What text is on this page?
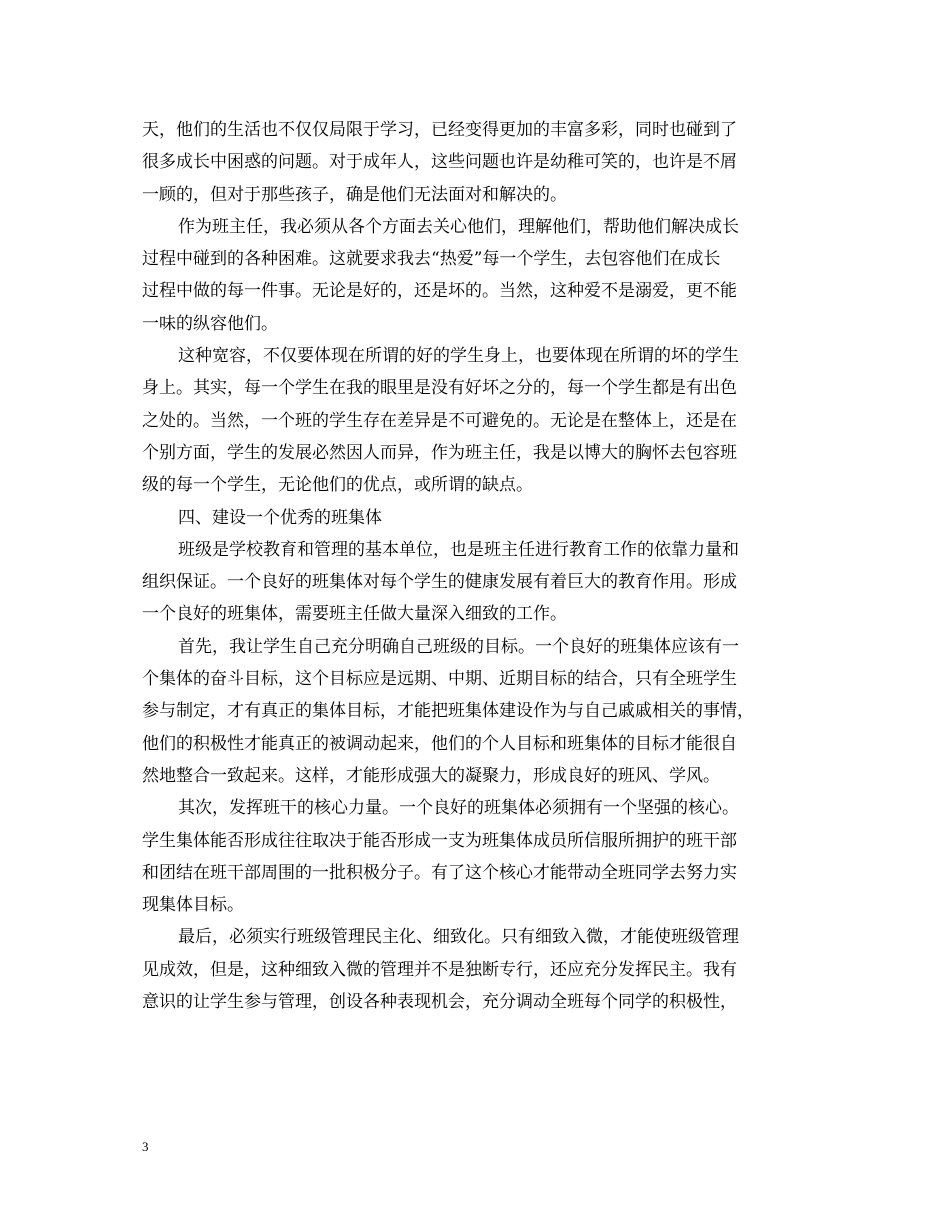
天，他们的生活也不仅仅局限于学习，已经变得更加的丰富多彩，同时也碰到了
很多成长中困惑的问题。对于成年人，这些问题也许是幼稚可笑的，也许是不屑
一顾的，但对于那些孩子，确是他们无法面对和解决的。
作为班主任，我必须从各个方面去关心他们，理解他们，帮助他们解决成长
过程中碰到的各种困难。这就要求我去“热爱”每一个学生，去包容他们在成长
过程中做的每一件事。无论是好的，还是坏的。当然，这种爱不是溺爱，更不能
一味的纵容他们。
这种宽容，不仅要体现在所谓的好的学生身上，也要体现在所谓的坏的学生
身上。其实，每一个学生在我的眼里是没有好坏之分的，每一个学生都是有出色
之处的。当然，一个班的学生存在差异是不可避免的。无论是在整体上，还是在
个别方面，学生的发展必然因人而异，作为班主任，我是以博大的胸怀去包容班
级的每一个学生，无论他们的优点，或所谓的缺点。
四、建设一个优秀的班集体
班级是学校教育和管理的基本单位，也是班主任进行教育工作的依靠力量和
组织保证。一个良好的班集体对每个学生的健康发展有着巨大的教育作用。形成
一个良好的班集体，需要班主任做大量深入细致的工作。
首先，我让学生自己充分明确自己班级的目标。一个良好的班集体应该有一
个集体的奋斗目标，这个目标应是远期、中期、近期目标的结合，只有全班学生
参与制定，才有真正的集体目标，才能把班集体建设作为与自己戚戚相关的事情，
他们的积极性才能真正的被调动起来，他们的个人目标和班集体的目标才能很自
然地整合一致起来。这样，才能形成强大的凝聚力，形成良好的班风、学风。
其次，发挥班干的核心力量。一个良好的班集体必须拥有一个坚强的核心。
学生集体能否形成往往取决于能否形成一支为班集体成员所信服所拥护的班干部
和团结在班干部周围的一批积极分子。有了这个核心才能带动全班同学去努力实
现集体目标。
最后，必须实行班级管理民主化、细致化。只有细致入微，才能使班级管理
见成效，但是，这种细致入微的管理并不是独断专行，还应充分发挥民主。我有
意识的让学生参与管理，创设各种表现机会，充分调动全班每个同学的积极性，
3
